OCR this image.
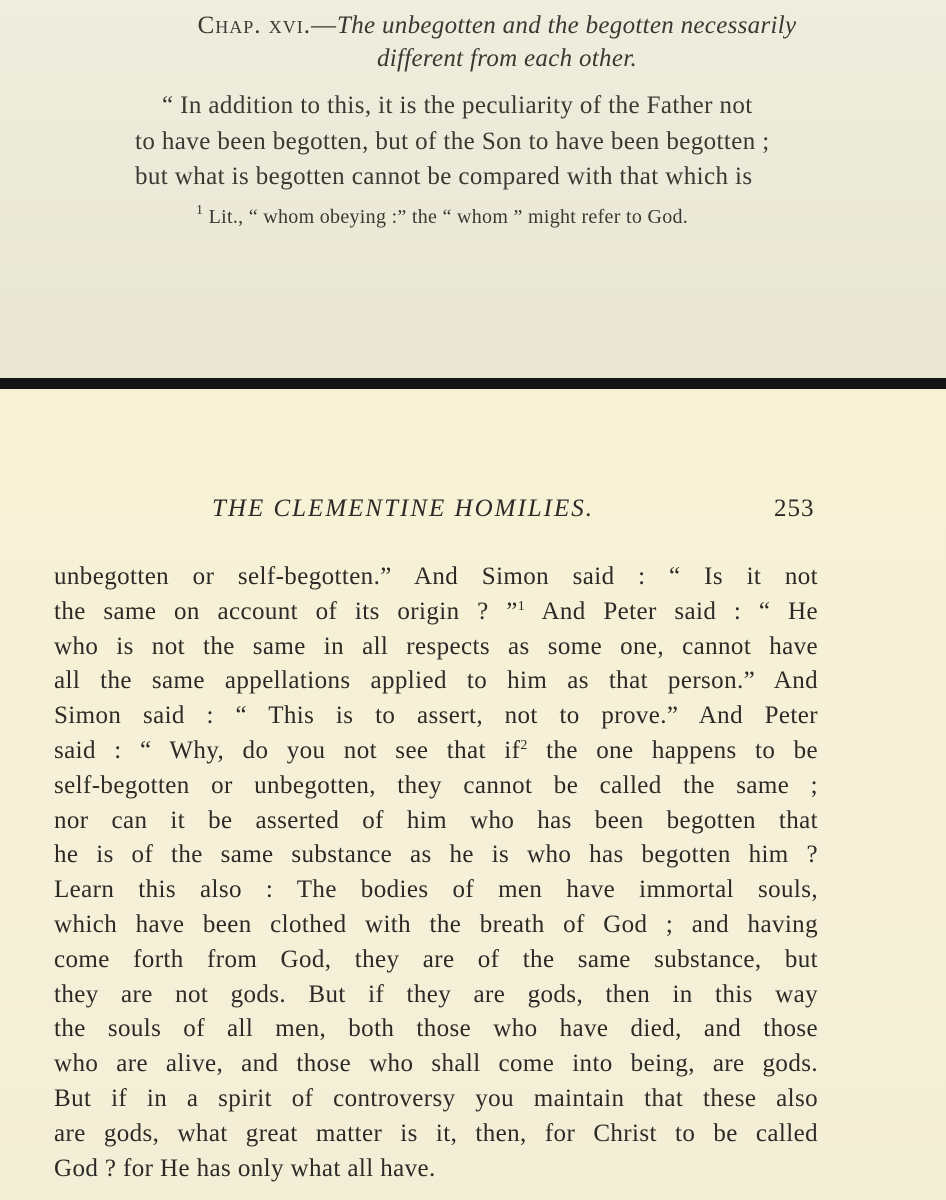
Chap. xvi.—The unbegotten and the begotten necessarily
different from each other.
“ In addition to this, it is the peculiarity of the Father not
to have been begotten, but of the Son to have been begotten ;
but what is begotten cannot be compared with that which is
$^1$ Lit., “ whom obeying :” the “ whom ” might refer to God.
THE CLEMENTINE HOMILIES.	253
unbegotten or self-begotten.” And Simon said : “ Is it not
the same on account of its origin ? ”$^1$ And Peter said : “ He
who is not the same in all respects as some one, cannot have
all the same appellations applied to him as that person.” And
Simon said : “ This is to assert, not to prove.” And Peter
said : “ Why, do you not see that $if^2$ the one happens to be
self-begotten or unbegotten, they cannot be called the same ;
nor can it be asserted of him who has been begotten that
he is of the same substance as he is who has begotten him ?
Learn this also : The bodies of men have immortal souls,
which have been clothed with the breath of God ; and having
come forth from God, they are of the same substance, but
they are not gods. But if they are gods, then in this way
the souls of all men, both those who have died, and those
who are alive, and those who shall come into being, are gods.
But if in a spirit of controversy you maintain that these also
are gods, what great matter is it, then, for Christ to be called
God ? for He has only what all have.
